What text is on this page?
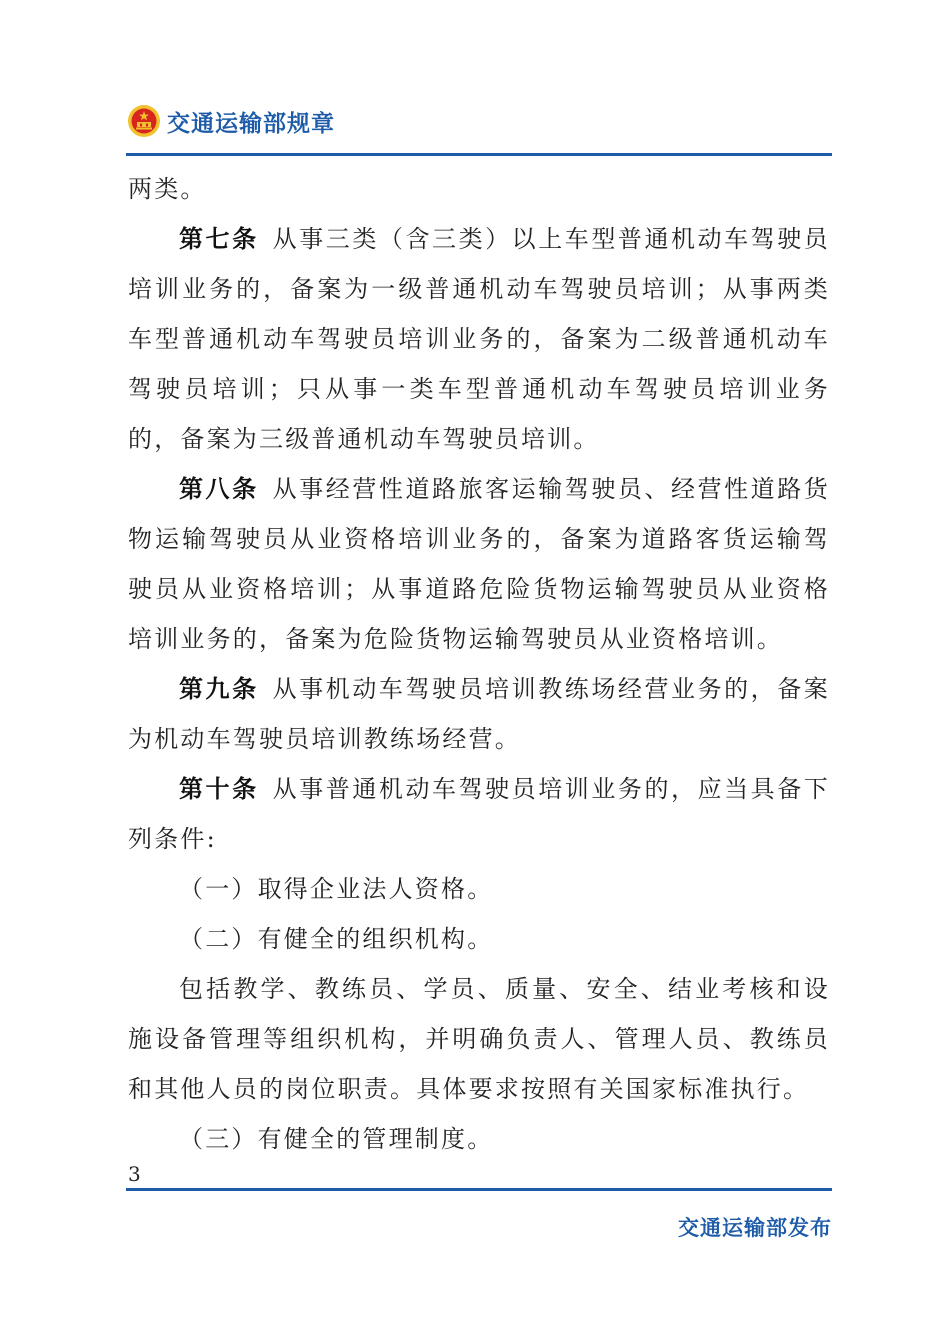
交通运输部规章

两类。

第七条 从事三类（含三类）以上车型普通机动车驾驶员培训业务的，备案为一级普通机动车驾驶员培训；从事两类车型普通机动车驾驶员培训业务的，备案为二级普通机动车驾驶员培训；只从事一类车型普通机动车驾驶员培训业务的，备案为三级普通机动车驾驶员培训。

第八条 从事经营性道路旅客运输驾驶员、经营性道路货物运输驾驶员从业资格培训业务的，备案为道路客货运输驾驶员从业资格培训；从事道路危险货物运输驾驶员从业资格培训业务的，备案为危险货物运输驾驶员从业资格培训。

第九条 从事机动车驾驶员培训教练场经营业务的，备案为机动车驾驶员培训教练场经营。

第十条 从事普通机动车驾驶员培训业务的，应当具备下列条件:

（一）取得企业法人资格。

（二）有健全的组织机构。

包括教学、教练员、学员、质量、安全、结业考核和设施设备管理等组织机构，并明确负责人、管理人员、教练员和其他人员的岗位职责。具体要求按照有关国家标准执行。

（三）有健全的管理制度。

3
交通运输部发布
